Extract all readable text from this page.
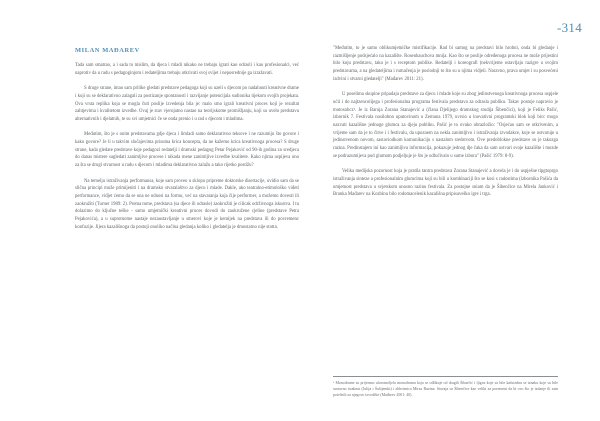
-314
MILAN MAĐAREV

Tada sam smatrao, a i sada to mislim, da djeca i mladi nikako ne trebaju igrati kao odrasli i kao profesionalci, već naprotiv da u radu s pedagoginjom i redateljima trebaju otkrivati svoj svijet i neposrednije ga izražavati.

S druge strane, imao sam prilike gledati predstave pedagoga koji su uzeli s djecom po nadahnuti kreativne drame i koji su se deklarativno zalagali za postizanje spontanosti i razvijanje potencijala sudionika tijekom svojih projekata. Ova vrsta replika koja se mogla čuti poslije izvedenja bila je: malo smo igrali kreativni proces koji je rezultat zahtjevima i kvalitetom izvedbe. Ovaj je stav vjerojatno nastao na teorijskome promišljanju, koji su uvelo predstavu alternativnih i djelatnih, te su svi umjetnici če se onda prenio i u rad s djecom i mladima.

Međutim, što je s onim predstavama gdje djeca i limladi samo deklarativno teksove i ne razumiju što govore i kako govore? Je li u takvim slučajevima prisutna krica konceptа, da ne kažemo krica kreativnoga procesa? S druge strane, kada gledate predstave koje pedagozi redatelji i dramski pedagog Petar Pejaković od 90-ih godina zo sredjeca do danas mistere sagledati zanimljive procese i nikada mene zanimljive izvedbe kvalitete. Kako njima uspijeva ono za šta se drugi stvarnost u radu s djecom i mladima deklarativno zalažu a tako rijetko postižu?

Na temelju istraživanja performansa, koje sam proveo u sklopu pripreme doktorske disertacije, uvidio sam da se slična principi može primijeniti i na dramsko stvaralaštvo za djecu i mlade. Dakle, ako teatralno-etimološko viđeti performance, viđjet ćemo da se ona ne odnosi na formu, već na stavaranja koja čije performer, a možemo dovesti ili zaokružiti (Turner 1989: 2). Prema tome, predstava (sa djece ili odrasle) zaokružiti je cilicak održivnoga iskustva. I tu dolazimo do ključne teške - samo umjetnički kreativni proces dovodi do zaokružene cjeline (predstave Petra Pejakovića), a u suprotnome nastaje nezaustavljanje u smerovi koje je kemijek na predstava ili do povremenc konfuzije. Jijera kazališnoga da postoji onoliko načina gledanja koliko i gledatelja je dmostarno nije stotta.

"Međutim, to je samo oblikumjetničke mistifikacije. Rad bi samog na predstavi bilo hrobni, onda bi gledanje i razmišljenje podsjećalo na kazalište. Rosenhauchova mnija. Kao što se poslije određenoga procesa ne može prijestini bilo koju predstavu, tako je i s receptom publike. Redatelji i koreografi (nekvrijeme ostavljaju razigre u svojim predstavama, a na gledateljima i rumačenja je poslodnji to što su u njima vidjeli. Naravno, prava umjet i su posvećeni izdvini i stvarni gledatelji" (Mađarev 2011: 21).

U poselima skupine pripadaju predstave za djecu i mlade koje su zbog jedinstvenoga kreativnoga procesa uspjele ućii i do najtzencolijega i profesionalna programa festivala predstava za odrasla publiku. Takav postoje napravio je motosobcz¹. Je iz Baruja Zorana Stanajević a (člana Djelijego dramskog studija Šibenčici), koji je Feliks Pašić, izbornik 7. Festivala nosilobno uputovinom u Zemuna 1979, uvrsio u inovativni programski blok koji bicc mogo nazvati kazališne jednoge glumca za djeju publiku. Pašić je to ovako obrazložio: "Osjećao sam se otkrivenim, a vrijeme sam da je to čitve i i festivalu, da upoznem na nekla zanimljivo i istraživanja izvodakce, koje se ostvaruje u jedinstvenom novom, sastaviodkom komunikaciju s nastalom sredstvom. Ove predoblokne predstave su je takozga razina. Predinstajem ini kao zanimljiva informacija, pokazuje jednog dje čaka da sam ustvari svoje kazalište i mozde se podrazumijeva pod glumom podjeljuje je što je odlučivalo u sume izbora" (Pašić 1979: 8-9).

Velika medijska pozornost koja je pratila tantra predstava Zorana Stanajević a dovela je i do uspješne tipgtoprgo istraživanja sinteze a profesionalnim glumcima koji su bili u kombinaciji što se kosi s radostima (izbornika Pašića da umjetnost predstava u svjetskom unosno razinu festivala. Za postojne sniam da je Šibenčice na Mirela Janković i Branka Mađarev na Kozbinu bilo rodomacelenik kazališna pripisaveško igre i trga.

¹ Monodrame su prijemno uloromoljela monodramu koja se odlikuje od drugih Šibarčić i ljigoz koje su bile kafuizdnu se iznaku koje su bile sustavno istaknut (Julija i Šušijemki) i zbhvimica Mirza Ruzina. Stavaja su Šibenčice kao veliki za poremeni da bi ovo što je izdanje ili sam potečnih za njegovo izvodište (Mađarev 2001: 40).
